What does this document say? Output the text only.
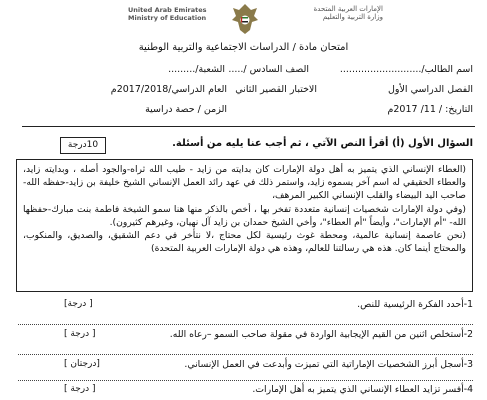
United Arab Emirates
Ministry of Education
الإمارات العربية المتحدة
وزارة التربية والتعليم
امتحان مادة / الدراسات الاجتماعية والتربية الوطنية
اسم الطالب/...........................
الصف السادس /.....
الشعبة/.........
الفصل الدراسي الأول
الاختبار القصير الثاني
العام الدراسي/2017/2018م
التاريخ: / 11/ 2017م
الزمن / حصة دراسية
السؤال الأول (أ) أقرأ النص الآتي ، ثم أجب عنا يليه من أسئلة.
10درجة

(العطاء الإنساني الذي يتميز به أهل دولة الإمارات كان بدايته من زايد - طيب الله ثراه-والجود أصله ، وبدايته زايد، والعطاء الحقيقي له اسم آخر يسموه زايد، واستمر ذلك في عهد رائد العمل الإنساني الشيخ خليفة بن زايد-حفظه الله-صاحب اليد البيضاء والقلب الإنساني الكبير المرهف،

(وفي دولة الإمارات شخصيات إنسانية متعددة تفخر بها ، أخص بالذكر منها هنا سمو الشيخة فاطمة بنت مبارك-حفظها الله- "أم الإمارات"، وأيضاً "أم العطاء"، وأخي الشيخ حمدان بن زايد آل نهيان، وغيرهم كثيرون).

(نحن عاصمة إنسانية عالمية، ومحطة غوث رئيسية لكل محتاج ،لا نتأخر في دعم الشقيق، والصديق، والمنكوب، والمحتاج أينما كان. هذه هي رسالتنا للعالم، وهذه هي دولة الإمارات العربية المتحدة)

1-أحدد الفكرة الرئيسية للنص.
[ درجة]
2-أستخلص اثنين من القيم الإيجابية الواردة في مقولة صاحب السمو –رعاه الله.
[ درجة ]
3-أسجل أبرز الشخصيات الإماراتية التي تميزت وأبدعت في العمل الإنساني.
[درجتان ]
4-أفسر تزايد العطاء الإنساني الذي يتميز به أهل الإمارات.
[ درجة ]
